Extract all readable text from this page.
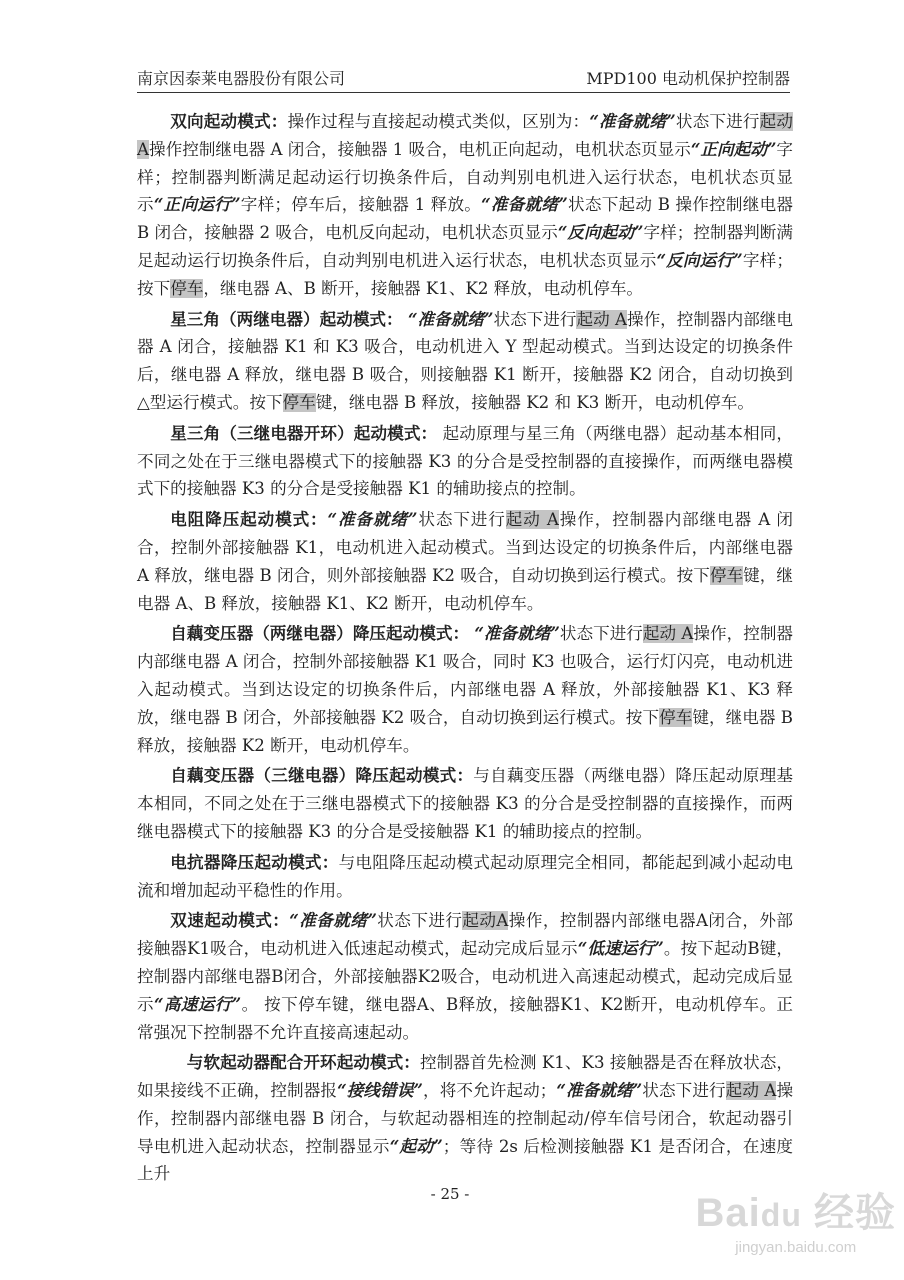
南京因泰莱电器股份有限公司	MPD100 电动机保护控制器

双向起动模式：操作过程与直接起动模式类似，区别为：“准备就绪”状态下进行起动A操作控制继电器 A 闭合，接触器 1 吸合，电机正向起动，电机状态页显示“正向起动”字样；控制器判断满足起动运行切换条件后，自动判别电机进入运行状态，电机状态页显示“正向运行”字样；停车后，接触器 1 释放。“准备就绪”状态下起动 B 操作控制继电器 B 闭合，接触器 2 吸合，电机反向起动，电机状态页显示“反向起动”字样；控制器判断满足起动运行切换条件后，自动判别电机进入运行状态，电机状态页显示“反向运行”字样；按下停车，继电器 A、B 断开，接触器 K1、K2 释放，电动机停车。

星三角（两继电器）起动模式： “准备就绪”状态下进行起动 A操作，控制器内部继电器 A 闭合，接触器 K1 和 K3 吸合，电动机进入 Y 型起动模式。当到达设定的切换条件后，继电器 A 释放，继电器 B 吸合，则接触器 K1 断开，接触器 K2 闭合，自动切换到△型运行模式。按下停车键，继电器 B 释放，接触器 K2 和 K3 断开，电动机停车。

星三角（三继电器开环）起动模式： 起动原理与星三角（两继电器）起动基本相同，不同之处在于三继电器模式下的接触器 K3 的分合是受控制器的直接操作，而两继电器模式下的接触器 K3 的分合是受接触器 K1 的辅助接点的控制。

电阻降压起动模式：“准备就绪”状态下进行起动 A操作，控制器内部继电器 A 闭合，控制外部接触器 K1，电动机进入起动模式。当到达设定的切换条件后，内部继电器 A 释放，继电器 B 闭合，则外部接触器 K2 吸合，自动切换到运行模式。按下停车键，继电器 A、B 释放，接触器 K1、K2 断开，电动机停车。

自藕变压器（两继电器）降压起动模式： “准备就绪”状态下进行起动 A操作，控制器内部继电器 A 闭合，控制外部接触器 K1 吸合，同时 K3 也吸合，运行灯闪亮，电动机进入起动模式。当到达设定的切换条件后，内部继电器 A 释放，外部接触器 K1、K3 释放，继电器 B 闭合，外部接触器 K2 吸合，自动切换到运行模式。按下停车键，继电器 B 释放，接触器 K2 断开，电动机停车。

自藕变压器（三继电器）降压起动模式：与自藕变压器（两继电器）降压起动原理基本相同，不同之处在于三继电器模式下的接触器 K3 的分合是受控制器的直接操作，而两继电器模式下的接触器 K3 的分合是受接触器 K1 的辅助接点的控制。

电抗器降压起动模式：与电阻降压起动模式起动原理完全相同，都能起到减小起动电流和增加起动平稳性的作用。

双速起动模式：“准备就绪”状态下进行起动A操作，控制器内部继电器A闭合，外部接触器K1吸合，电动机进入低速起动模式，起动完成后显示“低速运行”。按下起动B键，控制器内部继电器B闭合，外部接触器K2吸合，电动机进入高速起动模式，起动完成后显示“高速运行”。 按下停车键，继电器A、B释放，接触器K1、K2断开，电动机停车。正常强况下控制器不允许直接高速起动。

与软起动器配合开环起动模式：控制器首先检测 K1、K3 接触器是否在释放状态，如果接线不正确，控制器报“接线错误”，将不允许起动；“准备就绪”状态下进行起动 A操作，控制器内部继电器 B 闭合，与软起动器相连的控制起动/停车信号闭合，软起动器引导电机进入起动状态，控制器显示“起动”；等待 2s 后检测接触器 K1 是否闭合，在速度上升

- 25 -	Baidu 经验
jingyan.baidu.com
